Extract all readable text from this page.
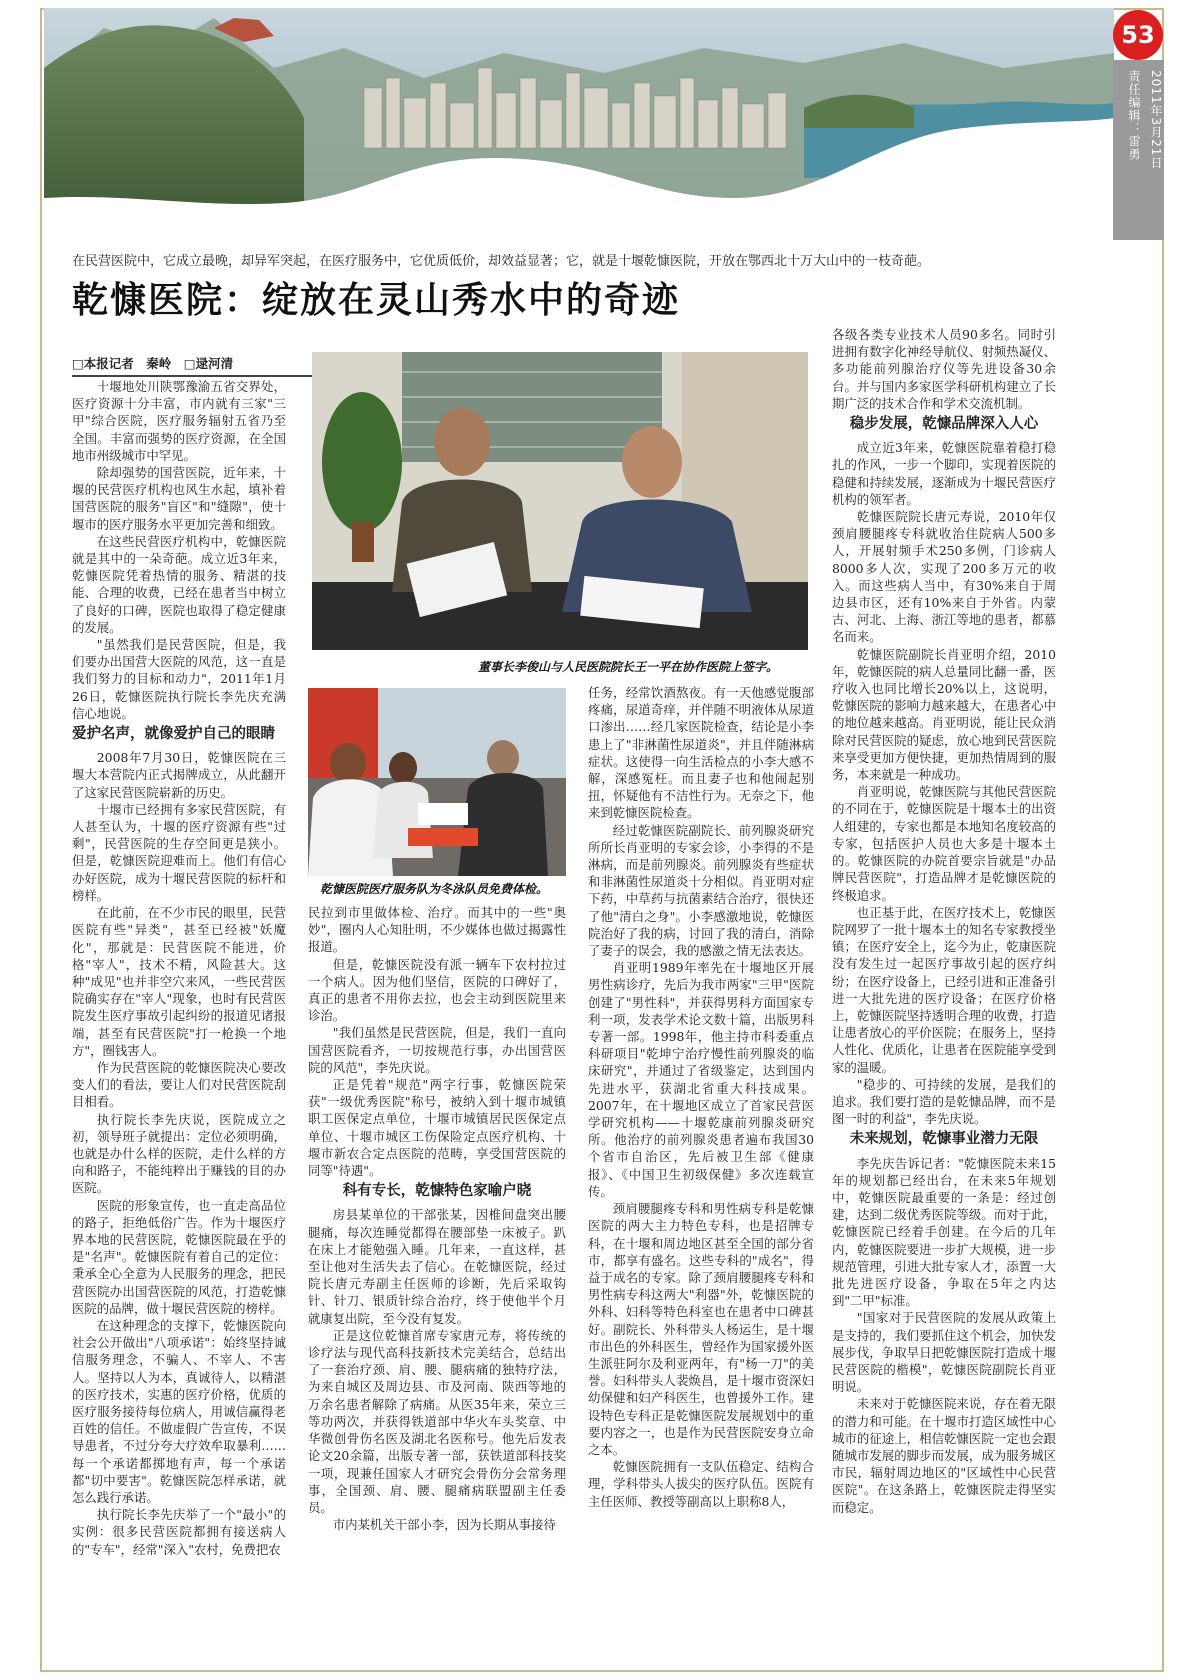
53
2011年3月21日
责任编辑：雷勇
在民营医院中，它成立最晚，却异军突起，在医疗服务中，它优质低价，却效益显著；它，就是十堰乾慷医院，开放在鄂西北十万大山中的一枝奇葩。
乾慷医院：绽放在灵山秀水中的奇迹
□本报记者　秦岭　□逯河清

十堰地处川陕鄂豫渝五省交界处，医疗资源十分丰富，市内就有三家"三甲"综合医院，医疗服务辐射五省乃至全国。丰富而强势的医疗资源，在全国地市州级城市中罕见。

除却强势的国营医院，近年来，十堰的民营医疗机构也风生水起，填补着国营医院的服务"盲区"和"缝隙"，使十堰市的医疗服务水平更加完善和细致。

在这些民营医疗机构中，乾慷医院就是其中的一朵奇葩。成立近3年来，乾慷医院凭着热情的服务、精湛的技能、合理的收费，已经在患者当中树立了良好的口碑，医院也取得了稳定健康的发展。

"虽然我们是民营医院，但是，我们要办出国营大医院的风范，这一直是我们努力的目标和动力"，2011年1月26日，乾慷医院执行院长李先庆充满信心地说。

爱护名声，就像爱护自己的眼睛

2008年7月30日，乾慷医院在三堰大本营院内正式揭牌成立，从此翻开了这家民营医院崭新的历史。

十堰市已经拥有多家民营医院，有人甚至认为，十堰的医疗资源有些"过剩"，民营医院的生存空间更是狭小。但是，乾慷医院迎难而上。他们有信心办好医院，成为十堰民营医院的标杆和榜样。

在此前，在不少市民的眼里，民营医院有些"异类"，甚至已经被"妖魔化"，那就是：民营医院不能进，价格"宰人"，技术不精，风险甚大。这种"成见"也并非空穴来风，一些民营医院确实存在"宰人"现象，也时有民营医院发生医疗事故引起纠纷的报道见诸报端，甚至有民营医院"打一枪换一个地方"，圈钱害人。

作为民营医院的乾慷医院决心要改变人们的看法，要让人们对民营医院刮目相看。

执行院长李先庆说，医院成立之初，领导班子就提出：定位必须明确，也就是办什么样的医院，走什么样的方向和路子，不能纯粹出于赚钱的目的办医院。

医院的形象宣传，也一直走高品位的路子，拒绝低俗广告。作为十堰医疗界本地的民营医院，乾慷医院最在乎的是"名声"。乾慷医院有着自己的定位：秉承全心全意为人民服务的理念，把民营医院办出国营医院的风范，打造乾慷医院的品牌，做十堰民营医院的榜样。

在这种理念的支撑下，乾慷医院向社会公开做出"八项承诺"：始终坚持诚信服务理念，不骗人、不宰人、不害人。坚持以人为本，真诚待人，以精湛的医疗技术，实惠的医疗价格，优质的医疗服务接待每位病人，用诚信赢得老百姓的信任。不做虚假广告宣传，不误导患者，不过分夸大疗效牟取暴利……每一个承诺都掷地有声，每一个承诺都"切中要害"。乾慷医院怎样承诺，就怎么践行承诺。

执行院长李先庆举了一个"最小"的实例：很多民营医院都拥有接送病人的"专车"，经常"深入"农村，免费把农

董事长李俊山与人民医院院长王一平在协作医院上签字。
乾慷医院医疗服务队为冬泳队员免费体检。

民拉到市里做体检、治疗。而其中的一些"奥妙"，圈内人心知肚明，不少媒体也做过揭露性报道。

但是，乾慷医院没有派一辆车下农村拉过一个病人。因为他们坚信，医院的口碑好了，真正的患者不用你去拉，也会主动到医院里来诊治。

"我们虽然是民营医院，但是，我们一直向国营医院看齐，一切按规范行事，办出国营医院的风范"，李先庆说。

正是凭着"规范"两字行事，乾慷医院荣获"一级优秀医院"称号，被纳入到十堰市城镇职工医保定点单位，十堰市城镇居民医保定点单位、十堰市城区工伤保险定点医疗机构、十堰市新农合定点医院的范畴，享受国营医院的同等"待遇"。

科有专长，乾慷特色家喻户晓

房县某单位的干部张某，因椎间盘突出腰腿痛，每次连睡觉都得在腰部垫一床被子。趴在床上才能勉强入睡。几年来，一直这样，甚至让他对生活失去了信心。在乾慷医院，经过院长唐元寿副主任医师的诊断，先后采取钩针、针刀、银质针综合治疗，终于使他半个月就康复出院，至今没有复发。

正是这位乾慷首席专家唐元寿，将传统的诊疗法与现代高科技新技术完美结合，总结出了一套治疗颈、肩、腰、腿病痛的独特疗法，为来自城区及周边县、市及河南、陕西等地的万余名患者解除了病痛。从医35年来，荣立三等功两次，并获得铁道部中华火车头奖章、中华微创骨伤名医及湖北名医称号。他先后发表论文20余篇，出版专著一部，获铁道部科技奖一项，现兼任国家人才研究会骨伤分会常务理事，全国颈、肩、腰、腿痛病联盟副主任委员。

市内某机关干部小李，因为长期从事接待

任务，经常饮酒熬夜。有一天他感觉腹部疼痛，尿道奇痒，并伴随不明液体从尿道口渗出……经几家医院检查，结论是小李患上了"非淋菌性尿道炎"，并且伴随淋病症状。这使得一向生活检点的小李大感不解，深感冤枉。而且妻子也和他闹起别扭，怀疑他有不洁性行为。无奈之下，他来到乾慷医院检查。

经过乾慷医院副院长、前列腺炎研究所所长肖亚明的专家会诊，小李得的不是淋病，而是前列腺炎。前列腺炎有些症状和非淋菌性尿道炎十分相似。肖亚明对症下药，中草药与抗菌素结合治疗，很快还了他"清白之身"。小李感激地说，乾慷医院治好了我的病，讨回了我的清白，消除了妻子的误会，我的感激之情无法表达。

肖亚明1989年率先在十堰地区开展男性病诊疗，先后为我市两家"三甲"医院创建了"男性科"，并获得男科方面国家专利一项，发表学术论文数十篇，出版男科专著一部。1998年，他主持市科委重点科研项目"乾坤宁治疗慢性前列腺炎的临床研究"，并通过了省级鉴定，达到国内先进水平，获湖北省重大科技成果。2007年，在十堰地区成立了首家民营医学研究机构——十堰乾康前列腺炎研究所。他治疗的前列腺炎患者遍布我国30个省市自治区，先后被卫生部《健康报》、《中国卫生初级保健》多次连载宣传。

颈肩腰腿疼专科和男性病专科是乾慷医院的两大主力特色专科，也是招牌专科，在十堰和周边地区甚至全国的部分省市，都享有盛名。这些专科的"成名"，得益于成名的专家。除了颈肩腰腿疼专科和男性病专科这两大"利器"外，乾慷医院的外科、妇科等特色科室也在患者中口碑甚好。副院长、外科带头人杨运生，是十堰市出色的外科医生，曾经作为国家援外医生派驻阿尔及利亚两年，有"杨一刀"的美誉。妇科带头人裴焕昌，是十堰市资深妇幼保健和妇产科医生，也曾援外工作。建设特色专科正是乾慷医院发展规划中的重要内容之一，也是作为民营医院安身立命之本。

乾慷医院拥有一支队伍稳定、结构合理，学科带头人拔尖的医疗队伍。医院有主任医师、教授等副高以上职称8人，

各级各类专业技术人员90多名。同时引进拥有数字化神经导航仪、射频热凝仪、多功能前列腺治疗仪等先进设备30余台。并与国内多家医学科研机构建立了长期广泛的技术合作和学术交流机制。

稳步发展，乾慷品牌深入人心

成立近3年来，乾慷医院靠着稳打稳扎的作风，一步一个脚印，实现着医院的稳健和持续发展，逐渐成为十堰民营医疗机构的领军者。

乾慷医院院长唐元寿说，2010年仅颈肩腰腿疼专科就收治住院病人500多人，开展射频手术250多例，门诊病人8000多人次，实现了200多万元的收入。而这些病人当中，有30%来自于周边县市区，还有10%来自于外省。内蒙古、河北、上海、浙江等地的患者，都慕名而来。

乾慷医院副院长肖亚明介绍，2010年，乾慷医院的病人总量同比翻一番，医疗收入也同比增长20%以上，这说明，乾慷医院的影响力越来越大，在患者心中的地位越来越高。肖亚明说，能让民众消除对民营医院的疑虑，放心地到民营医院来享受更加方便快捷，更加热情周到的服务，本来就是一种成功。

肖亚明说，乾慷医院与其他民营医院的不同在于，乾慷医院是十堰本土的出资人组建的，专家也都是本地知名度较高的专家，包括医护人员也大多是十堰本土的。乾慷医院的办院首要宗旨就是"办品牌民营医院"，打造品牌才是乾慷医院的终极追求。

也正基于此，在医疗技术上，乾慷医院网罗了一批十堰本土的知名专家教授坐镇；在医疗安全上，迄今为止，乾康医院没有发生过一起医疗事故引起的医疗纠纷；在医疗设备上，已经引进和正准备引进一大批先进的医疗设备；在医疗价格上，乾慷医院坚持透明合理的收费，打造让患者放心的平价医院；在服务上，坚持人性化、优质化，让患者在医院能享受到家的温暖。

"稳步的、可持续的发展，是我们的追求。我们要打造的是乾慷品牌，而不是图一时的利益"，李先庆说。

未来规划，乾慷事业潜力无限

李先庆告诉记者："乾慷医院未来15年的规划都已经出台，在未来5年规划中，乾慷医院最重要的一条是：经过创建，达到二级优秀医院等级。而对于此，乾慷医院已经着手创建。在今后的几年内，乾慷医院要进一步扩大规模，进一步规范管理，引进大批专家人才，添置一大批先进医疗设备，争取在5年之内达到"二甲"标准。

"国家对于民营医院的发展从政策上是支持的，我们要抓住这个机会，加快发展步伐，争取早日把乾慷医院打造成十堰民营医院的楷模"，乾慷医院副院长肖亚明说。

未来对于乾慷医院来说，存在着无限的潜力和可能。在十堰市打造区域性中心城市的征途上，相信乾慷医院一定也会跟随城市发展的脚步而发展，成为服务城区市民，辐射周边地区的"区域性中心民营医院"。在这条路上，乾慷医院走得坚实而稳定。
